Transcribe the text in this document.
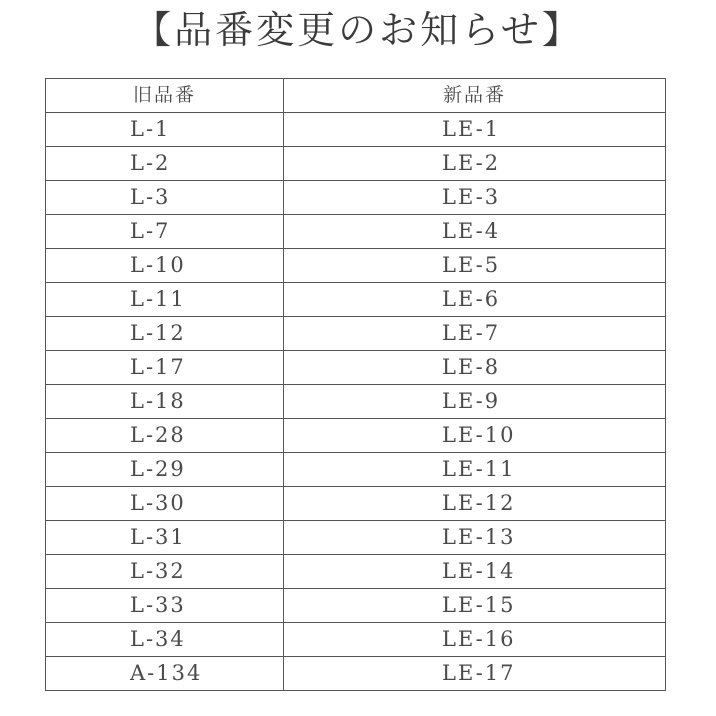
【品番変更のお知らせ】
旧品番	新品番
L-1	LE-1
L-2	LE-2
L-3	LE-3
L-7	LE-4
L-10	LE-5
L-11	LE-6
L-12	LE-7
L-17	LE-8
L-18	LE-9
L-28	LE-10
L-29	LE-11
L-30	LE-12
L-31	LE-13
L-32	LE-14
L-33	LE-15
L-34	LE-16
A-134	LE-17
